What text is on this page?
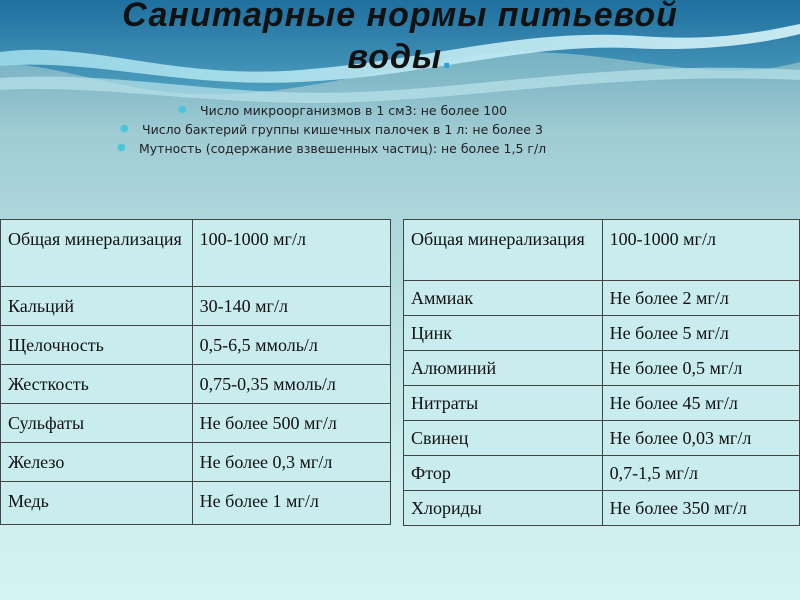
Санитарные нормы питьевой
воды.
● Число микроорганизмов в 1 см3: не более 100
● Число бактерий группы кишечных палочек в 1 л: не более 3
● Мутность (содержание взвешенных частиц): не более 1,5 г/л
Общая минерализация	100-1000 мг/л
Кальций	30-140 мг/л
Щелочность	0,5-6,5 ммоль/л
Жесткость	0,75-0,35 ммоль/л
Сульфаты	Не более 500 мг/л
Железо	Не более 0,3 мг/л
Медь	Не более 1 мг/л
Общая минерализация	100-1000 мг/л
Аммиак	Не более 2 мг/л
Цинк	Не более 5 мг/л
Алюминий	Не более 0,5 мг/л
Нитраты	Не более 45 мг/л
Свинец	Не более 0,03 мг/л
Фтор	0,7-1,5 мг/л
Хлориды	Не более 350 мг/л
